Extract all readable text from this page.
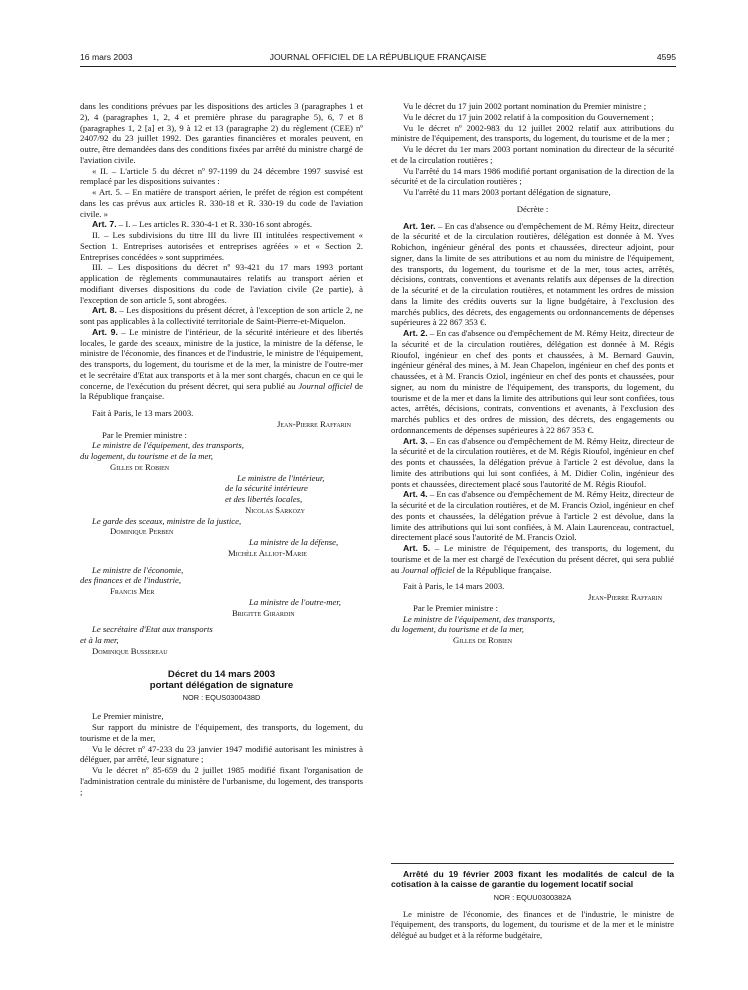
16 mars 2003	JOURNAL OFFICIEL DE LA RÉPUBLIQUE FRANÇAISE	4595

dans les conditions prévues par les dispositions des articles 3 (paragraphes 1 et 2), 4 (paragraphes 1, 2, 4 et première phrase du paragraphe 5), 6, 7 et 8 (paragraphes 1, 2 [a] et 3), 9 à 12 et 13 (paragraphe 2) du règlement (CEE) nº 2407/92 du 23 juillet 1992. Des garanties financières et morales peuvent, en outre, être demandées dans des conditions fixées par arrêté du ministre chargé de l'aviation civile.

« II. – L'article 5 du décret nº 97-1199 du 24 décembre 1997 susvisé est remplacé par les dispositions suivantes :

« Art. 5. – En matière de transport aérien, le préfet de région est compétent dans les cas prévus aux articles R. 330-18 et R. 330-19 du code de l'aviation civile. »

Art. 7. – I. – Les articles R. 330-4-1 et R. 330-16 sont abrogés.

II. – Les subdivisions du titre III du livre III intitulées respectivement « Section 1. Entreprises autorisées et entreprises agréées » et « Section 2. Entreprises concédées » sont supprimées.

III. – Les dispositions du décret nº 93-421 du 17 mars 1993 portant application de règlements communautaires relatifs au transport aérien et modifiant diverses dispositions du code de l'aviation civile (2e partie), à l'exception de son article 5, sont abrogées.

Art. 8. – Les dispositions du présent décret, à l'exception de son article 2, ne sont pas applicables à la collectivité territoriale de Saint-Pierre-et-Miquelon.

Art. 9. – Le ministre de l'intérieur, de la sécurité intérieure et des libertés locales, le garde des sceaux, ministre de la justice, la ministre de la défense, le ministre de l'économie, des finances et de l'industrie, le ministre de l'équipement, des transports, du logement, du tourisme et de la mer, la ministre de l'outre-mer et le secrétaire d'Etat aux transports et à la mer sont chargés, chacun en ce qui le concerne, de l'exécution du présent décret, qui sera publié au Journal officiel de la République française.

Fait à Paris, le 13 mars 2003.

Jean-Pierre Raffarin

Par le Premier ministre :

Le ministre de l'équipement, des transports,
du logement, du tourisme et de la mer,

Gilles de Robien

Le ministre de l'intérieur,
de la sécurité intérieure
et des libertés locales,

Nicolas Sarkozy

Le garde des sceaux, ministre de la justice,

Dominique Perben

La ministre de la défense,

Michèle Alliot-Marie

Le ministre de l'économie,
des finances et de l'industrie,

Francis Mer

La ministre de l'outre-mer,

Brigitte Girardin

Le secrétaire d'Etat aux transports
et à la mer,

Dominique Bussereau

Décret du 14 mars 2003
portant délégation de signature
NOR : EQUS0300438D

Le Premier ministre,

Sur rapport du ministre de l'équipement, des transports, du logement, du tourisme et de la mer,

Vu le décret nº 47-233 du 23 janvier 1947 modifié autorisant les ministres à déléguer, par arrêté, leur signature ;

Vu le décret nº 85-659 du 2 juillet 1985 modifié fixant l'organisation de l'administration centrale du ministère de l'urbanisme, du logement, des transports ;

Vu le décret du 17 juin 2002 portant nomination du Premier ministre ;

Vu le décret du 17 juin 2002 relatif à la composition du Gouvernement ;

Vu le décret nº 2002-983 du 12 juillet 2002 relatif aux attributions du ministre de l'équipement, des transports, du logement, du tourisme et de la mer ;

Vu le décret du 1er mars 2003 portant nomination du directeur de la sécurité et de la circulation routières ;

Vu l'arrêté du 14 mars 1986 modifié portant organisation de la direction de la sécurité et de la circulation routières ;

Vu l'arrêté du 11 mars 2003 portant délégation de signature,

Décrète :

Art. 1er. – En cas d'absence ou d'empêchement de M. Rémy Heitz, directeur de la sécurité et de la circulation routières, délégation est donnée à M. Yves Robichon, ingénieur général des ponts et chaussées, directeur adjoint, pour signer, dans la limite de ses attributions et au nom du ministre de l'équipement, des transports, du logement, du tourisme et de la mer, tous actes, arrêtés, décisions, contrats, conventions et avenants relatifs aux dépenses de la direction de la sécurité et de la circulation routières, et notamment les ordres de mission dans la limite des crédits ouverts sur la ligne budgétaire, à l'exclusion des marchés publics, des décrets, des engagements ou ordonnancements de dépenses supérieures à 22 867 353 €.

Art. 2. – En cas d'absence ou d'empêchement de M. Rémy Heitz, directeur de la sécurité et de la circulation routières, délégation est donnée à M. Régis Rioufol, ingénieur en chef des ponts et chaussées, à M. Bernard Gauvin, ingénieur général des mines, à M. Jean Chapelon, ingénieur en chef des ponts et chaussées, et à M. Francis Oziol, ingénieur en chef des ponts et chaussées, pour signer, au nom du ministre de l'équipement, des transports, du logement, du tourisme et de la mer et dans la limite des attributions qui leur sont confiées, tous actes, arrêtés, décisions, contrats, conventions et avenants, à l'exclusion des marchés publics et des ordres de mission, des décrets, des engagements ou ordonnancements de dépenses supérieures à 22 867 353 €.

Art. 3. – En cas d'absence ou d'empêchement de M. Rémy Heitz, directeur de la sécurité et de la circulation routières, et de M. Régis Rioufol, ingénieur en chef des ponts et chaussées, la délégation prévue à l'article 2 est dévolue, dans la limite des attributions qui lui sont confiées, à M. Didier Colin, ingénieur des ponts et chaussées, directement placé sous l'autorité de M. Régis Rioufol.

Art. 4. – En cas d'absence ou d'empêchement de M. Rémy Heitz, directeur de la sécurité et de la circulation routières, et de M. Francis Oziol, ingénieur en chef des ponts et chaussées, la délégation prévue à l'article 2 est dévolue, dans la limite des attributions qui lui sont confiées, à M. Alain Laurenceau, contractuel, directement placé sous l'autorité de M. Francis Oziol.

Art. 5. – Le ministre de l'équipement, des transports, du logement, du tourisme et de la mer est chargé de l'exécution du présent décret, qui sera publié au Journal officiel de la République française.

Fait à Paris, le 14 mars 2003.

Jean-Pierre Raffarin

Par le Premier ministre :

Le ministre de l'équipement, des transports,
du logement, du tourisme et de la mer,

Gilles de Robien

Arrêté du 19 février 2003 fixant les modalités de calcul de la cotisation à la caisse de garantie du logement locatif social

NOR : EQUU0300382A

Le ministre de l'économie, des finances et de l'industrie, le ministre de l'équipement, des transports, du logement, du tourisme et de la mer et le ministre délégué au budget et à la réforme budgétaire,
